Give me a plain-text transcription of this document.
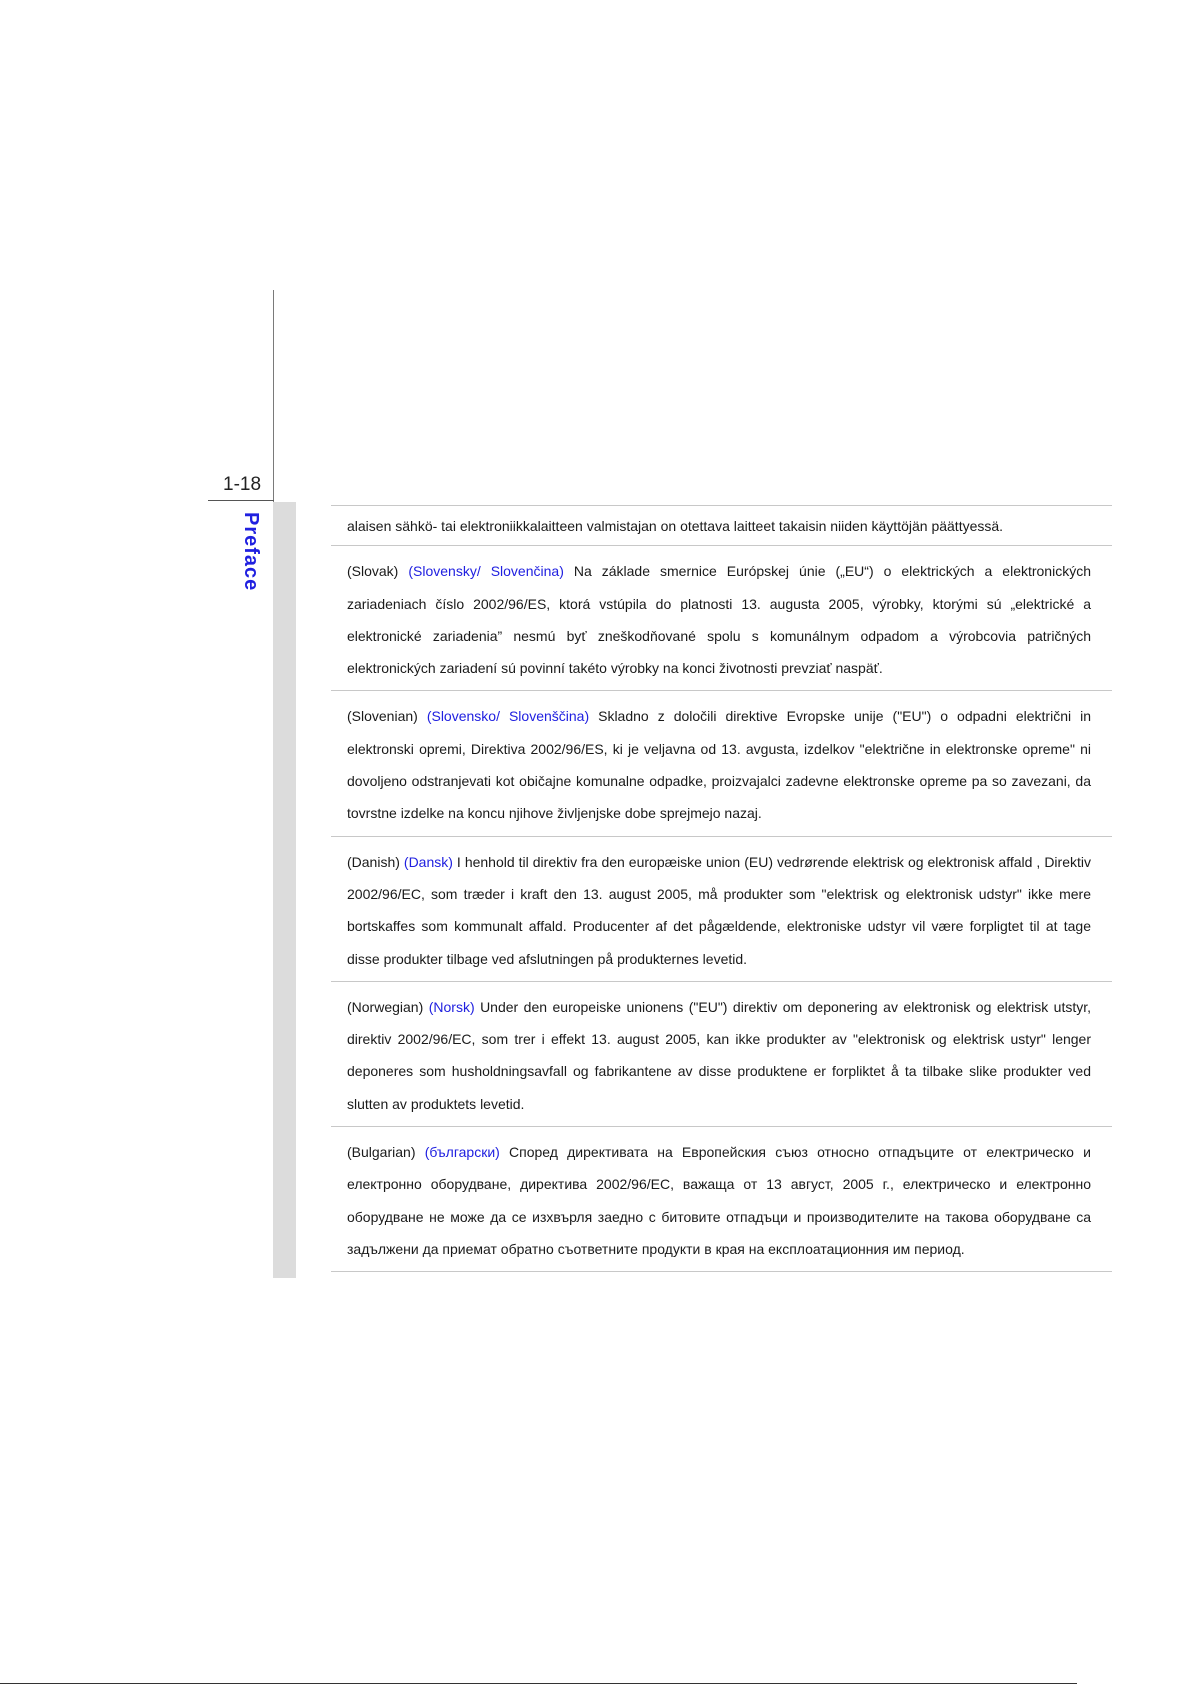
1-18
Preface	alaisen sähkö- tai elektroniikkalaitteen valmistajan on otettava laitteet takaisin niiden käyttöjän päättyessä.
(Slovak) (Slovensky/ Slovenčina) Na základe smernice Európskej únie („EU“) o elektrických a elektronických zariadeniach číslo 2002/96/ES, ktorá vstúpila do platnosti 13. augusta 2005, výrobky, ktorými sú „elektrické a elektronické zariadenia” nesmú byť zneškodňované spolu s komunálnym odpadom a výrobcovia patričných elektronických zariadení sú povinní takéto výrobky na konci životnosti prevziať naspäť.
(Slovenian) (Slovensko/ Slovenščina) Skladno z določili direktive Evropske unije ("EU") o odpadni električni in elektronski opremi, Direktiva 2002/96/ES, ki je veljavna od 13. avgusta, izdelkov "električne in elektronske opreme" ni dovoljeno odstranjevati kot običajne komunalne odpadke, proizvajalci zadevne elektronske opreme pa so zavezani, da tovrstne izdelke na koncu njihove življenjske dobe sprejmejo nazaj.
(Danish) (Dansk) I henhold til direktiv fra den europæiske union (EU) vedrørende elektrisk og elektronisk affald , Direktiv 2002/96/EC, som træder i kraft den 13. august 2005, må produkter som "elektrisk og elektronisk udstyr" ikke mere bortskaffes som kommunalt affald. Producenter af det pågældende, elektroniske udstyr vil være forpligtet til at tage disse produkter tilbage ved afslutningen på produkternes levetid.
(Norwegian) (Norsk) Under den europeiske unionens ("EU") direktiv om deponering av elektronisk og elektrisk utstyr, direktiv 2002/96/EC, som trer i effekt 13. august 2005, kan ikke produkter av "elektronisk og elektrisk ustyr" lenger deponeres som husholdningsavfall og fabrikantene av disse produktene er forpliktet å ta tilbake slike produkter ved slutten av produktets levetid.
(Bulgarian) (български) Според директивата на Европейския съюз относно отпадъците от електрическо и електронно оборудване, директива 2002/96/EC, важаща от 13 август, 2005 г., електрическо и електронно оборудване не може да се изхвърля заедно с битовите отпадъци и производителите на такова оборудване са задължени да приемат обратно съответните продукти в края на експлоатационния им период.
